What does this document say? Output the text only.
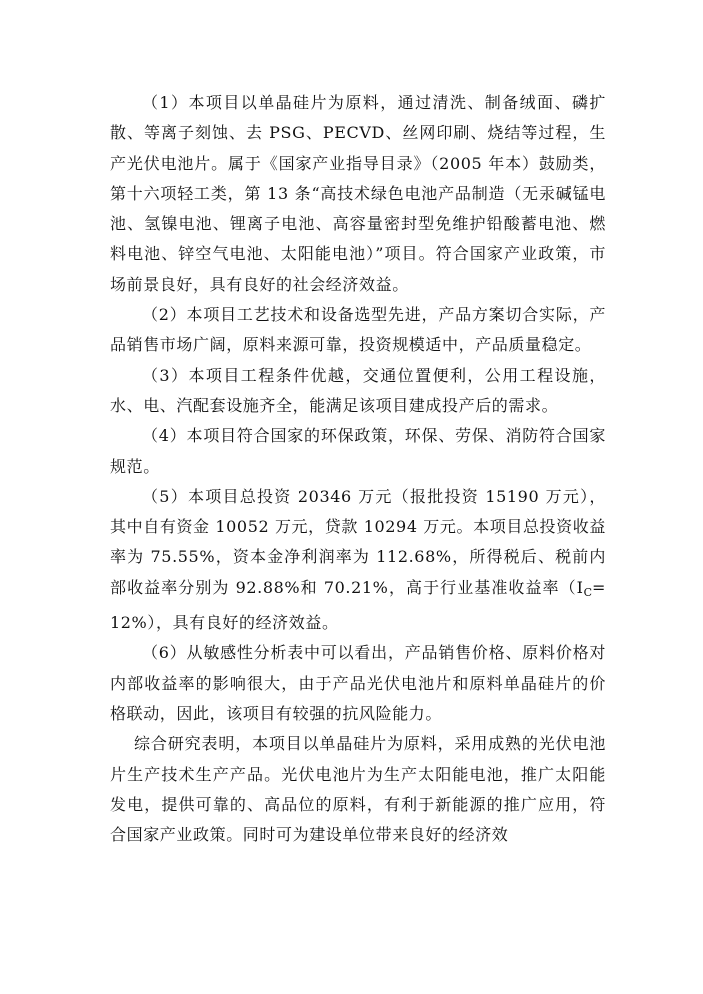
（1）本项目以单晶硅片为原料，通过清洗、制备绒面、磷扩散、等离子刻蚀、去 PSG、PECVD、丝网印刷、烧结等过程，生产光伏电池片。属于《国家产业指导目录》（2005 年本）鼓励类，第十六项轻工类，第 13 条“高技术绿色电池产品制造（无汞碱锰电池、氢镍电池、锂离子电池、高容量密封型免维护铅酸蓄电池、燃料电池、锌空气电池、太阳能电池）”项目。符合国家产业政策，市场前景良好，具有良好的社会经济效益。

（2）本项目工艺技术和设备选型先进，产品方案切合实际，产品销售市场广阔，原料来源可靠，投资规模适中，产品质量稳定。

（3）本项目工程条件优越，交通位置便利，公用工程设施，水、电、汽配套设施齐全，能满足该项目建成投产后的需求。

（4）本项目符合国家的环保政策，环保、劳保、消防符合国家规范。

（5）本项目总投资 20346 万元（报批投资 15190 万元），其中自有资金 10052 万元，贷款 10294 万元。本项目总投资收益率为 75.55%，资本金净利润率为 112.68%，所得税后、税前内部收益率分别为 92.88%和 70.21%，高于行业基准收益率$(I_C=12\%)$，具有良好的经济效益。

（6）从敏感性分析表中可以看出，产品销售价格、原料价格对内部收益率的影响很大，由于产品光伏电池片和原料单晶硅片的价格联动，因此，该项目有较强的抗风险能力。

综合研究表明，本项目以单晶硅片为原料，采用成熟的光伏电池片生产技术生产产品。光伏电池片为生产太阳能电池，推广太阳能发电，提供可靠的、高品位的原料，有利于新能源的推广应用，符合国家产业政策。同时可为建设单位带来良好的经济效
